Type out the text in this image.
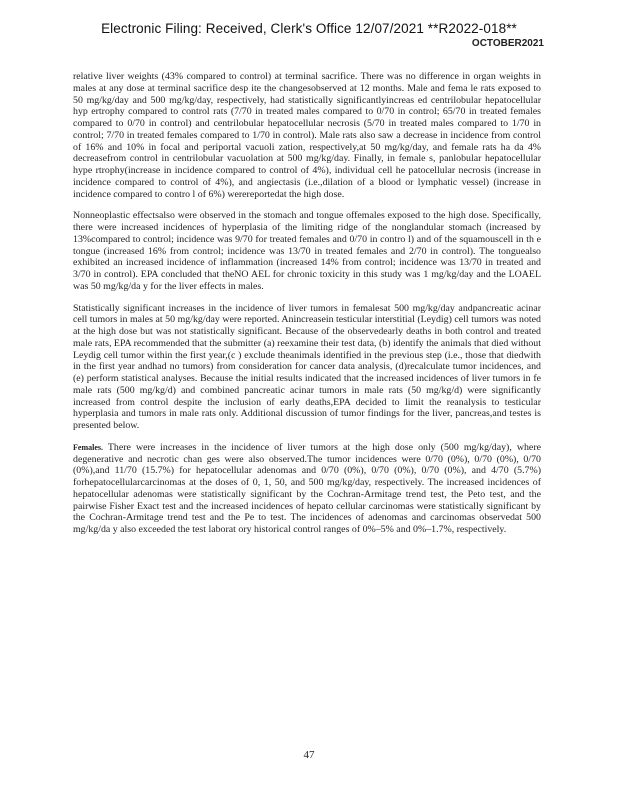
Electronic Filing: Received, Clerk's Office 12/07/2021 **R2022-018**
OCTOBER2021

relative liver weights (43% compared to control) at terminal sacrifice. There was no difference in organ weights in males at any dose at terminal sacrifice desp ite the changesobserved at 12 months. Male and fema le rats exposed to 50 mg/kg/day and 500 mg/kg/day, respectively, had statistically significantlyincreas ed centrilobular hepatocellular hyp ertrophy compared to control rats (7/70 in treated males compared to 0/70 in control; 65/70 in treated females compared to 0/70 in control) and centrilobular hepatocellular necrosis (5/70 in treated males compared to 1/70 in control; 7/70 in treated females compared to 1/70 in control). Male rats also saw a decrease in incidence from control of 16% and 10% in focal and periportal vacuoli zation, respectively,at 50 mg/kg/day, and female rats ha da 4% decreasefrom control in centrilobular vacuolation at 500 mg/kg/day. Finally, in female s, panlobular hepatocellular hype rtrophy(increase in incidence compared to control of 4%), individual cell he patocellular necrosis (increase in incidence compared to control of 4%), and angiectasis (i.e.,dilation of a blood or lymphatic vessel) (increase in incidence compared to contro l of 6%) werereportedat the high dose.

Nonneoplastic effectsalso were observed in the stomach and tongue offemales exposed to the high dose. Specifically, there were increased incidences of hyperplasia of the limiting ridge of the nonglandular stomach (increased by 13%compared to control; incidence was 9/70 for treated females and 0/70 in contro l) and of the squamouscell in th e tongue (increased 16% from control; incidence was 13/70 in treated females and 2/70 in control). The tonguealso exhibited an increased incidence of inflammation (increased 14% from control; incidence was 13/70 in treated and 3/70 in control). EPA concluded that theNO AEL for chronic toxicity in this study was 1 mg/kg/day and the LOAEL was 50 mg/kg/da y for the liver effects in males.

Statistically significant increases in the incidence of liver tumors in femalesat 500 mg/kg/day andpancreatic acinar cell tumors in males at 50 mg/kg/day were reported. Anincreasein testicular interstitial (Leydig) cell tumors was noted at the high dose but was not statistically significant. Because of the observedearly deaths in both control and treated male rats, EPA recommended that the submitter (a) reexamine their test data, (b) identify the animals that died without Leydig cell tumor within the first year,(c ) exclude theanimals identified in the previous step (i.e., those that diedwith in the first year andhad no tumors) from consideration for cancer data analysis, (d)recalculate tumor incidences, and (e) perform statistical analyses. Because the initial results indicated that the increased incidences of liver tumors in fe male rats (500 mg/kg/d) and combined pancreatic acinar tumors in male rats (50 mg/kg/d) were significantly increased from control despite the inclusion of early deaths,EPA decided to limit the reanalysis to testicular hyperplasia and tumors in male rats only. Additional discussion of tumor findings for the liver, pancreas,and testes is presented below.

Females. There were increases in the incidence of liver tumors at the high dose only (500 mg/kg/day), where degenerative and necrotic chan ges were also observed.The tumor incidences were 0/70 (0%), 0/70 (0%), 0/70 (0%),and 11/70 (15.7%) for hepatocellular adenomas and 0/70 (0%), 0/70 (0%), 0/70 (0%), and 4/70 (5.7%) forhepatocellularcarcinomas at the doses of 0, 1, 50, and 500 mg/kg/day, respectively. The increased incidences of hepatocellular adenomas were statistically significant by the Cochran-Armitage trend test, the Peto test, and the pairwise Fisher Exact test and the increased incidences of hepato cellular carcinomas were statistically significant by the Cochran-Armitage trend test and the Pe to test. The incidences of adenomas and carcinomas observedat 500 mg/kg/da y also exceeded the test laborat ory historical control ranges of 0%–5% and 0%–1.7%, respectively.

47
